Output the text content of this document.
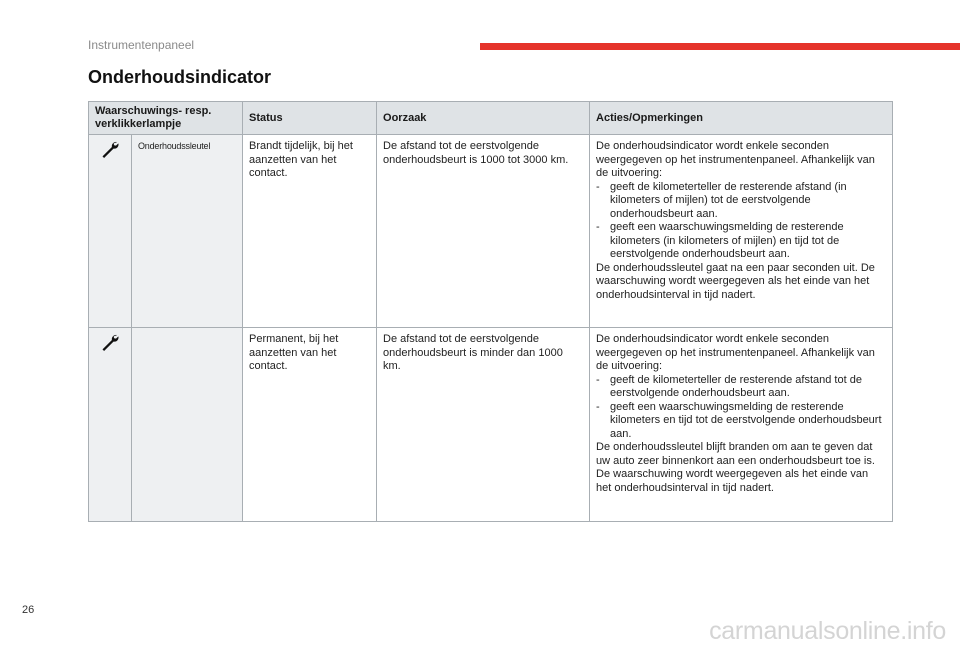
Instrumentenpaneel
Onderhoudsindicator
Waarschuwings- resp. verklikkerlampje		Status	Oorzaak	Acties/Opmerkingen
	Onderhoudssleutel	Brandt tijdelijk, bij het aanzetten van het contact.	De afstand tot de eerstvolgende onderhoudsbeurt is 1000 tot 3000 km.	De onderhoudsindicator wordt enkele seconden weergegeven op het instrumentenpaneel. Afhankelijk van de uitvoering:
- geeft de kilometerteller de resterende afstand (in kilometers of mijlen) tot de eerstvolgende onderhoudsbeurt aan.
- geeft een waarschuwingsmelding de resterende kilometers (in kilometers of mijlen) en tijd tot de eerstvolgende onderhoudsbeurt aan.
De onderhoudssleutel gaat na een paar seconden uit. De waarschuwing wordt weergegeven als het einde van het onderhoudsinterval in tijd nadert.

		Permanent, bij het aanzetten van het contact.	De afstand tot de eerstvolgende onderhoudsbeurt is minder dan 1000 km.	De onderhoudsindicator wordt enkele seconden weergegeven op het instrumentenpaneel. Afhankelijk van de uitvoering:
- geeft de kilometerteller de resterende afstand tot de eerstvolgende onderhoudsbeurt aan.
- geeft een waarschuwingsmelding de resterende kilometers en tijd tot de eerstvolgende onderhoudsbeurt aan.
De onderhoudssleutel blijft branden om aan te geven dat uw auto zeer binnenkort aan een onderhoudsbeurt toe is. De waarschuwing wordt weergegeven als het einde van het onderhoudsinterval in tijd nadert.
26
carmanualsonline.info
